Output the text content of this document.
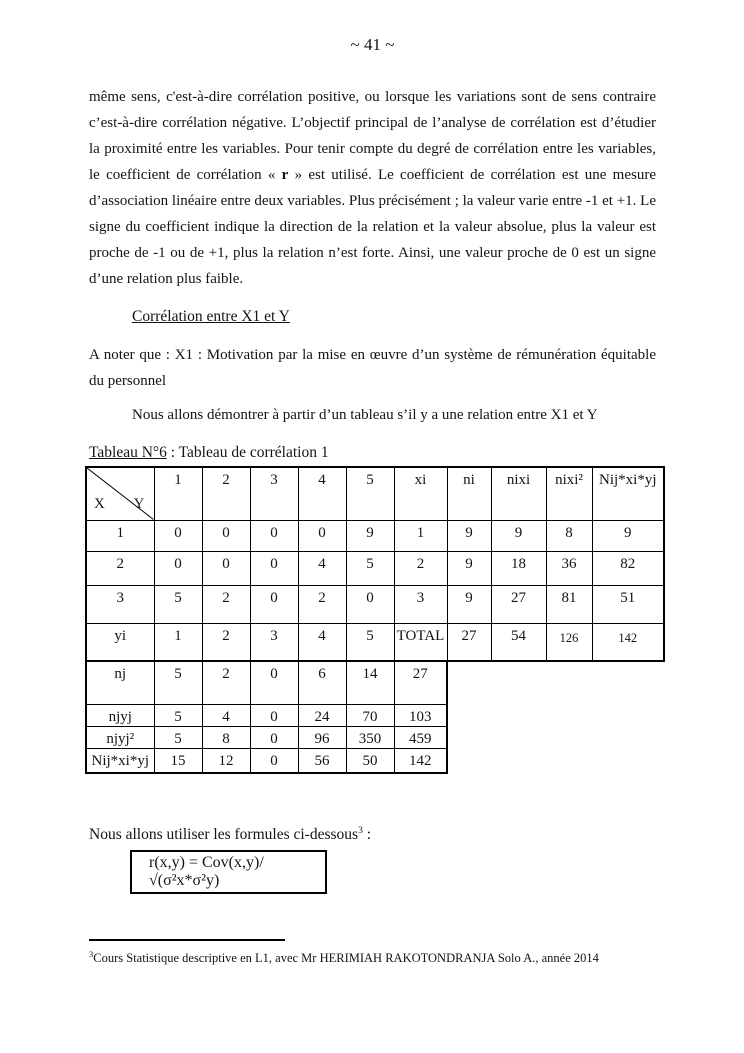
~ 41 ~

même sens, c'est-à-dire corrélation positive, ou lorsque les variations sont de sens contraire c’est-à-dire corrélation négative. L’objectif principal de l’analyse de corrélation est d’étudier la proximité entre les variables. Pour tenir compte du degré de corrélation entre les variables, le coefficient de corrélation « r » est utilisé. Le coefficient de corrélation est une mesure d’association linéaire entre deux variables. Plus précisément ; la valeur varie entre -1 et +1. Le signe du coefficient indique la direction de la relation et la valeur absolue, plus la valeur est proche de -1 ou de +1, plus la relation n’est forte. Ainsi, une valeur proche de 0 est un signe d’une relation plus faible.

Corrélation entre X1 et Y

A noter que : X1 : Motivation par la mise en œuvre d’un système de rémunération équitable du personnel

Nous allons démontrer à partir d’un tableau s’il y a une relation entre X1 et Y

Tableau N°6 : Tableau de corrélation 1

X Y	1	2	3	4	5	xi	ni	nixi	nixi²	Nij*xi*yj
1	0	0	0	0	9	1	9	9	8	9
2	0	0	0	4	5	2	9	18	36	82
3	5	2	0	2	0	3	9	27	81	51
yi	1	2	3	4	5	TOTAL	27	54	126	142
nj	5	2	0	6	14	27
njyj	5	4	0	24	70	103
njyj²	5	8	0	96	350	459
Nij*xi*yj	15	12	0	56	50	142

Nous allons utiliser les formules ci-dessous$^3$ :

r(x,y) = Cov(x,y)/√(σ²x*σ²y)
$^3$Cours Statistique descriptive en L1, avec Mr HERIMIAH RAKOTONDRANJA Solo A., année 2014
